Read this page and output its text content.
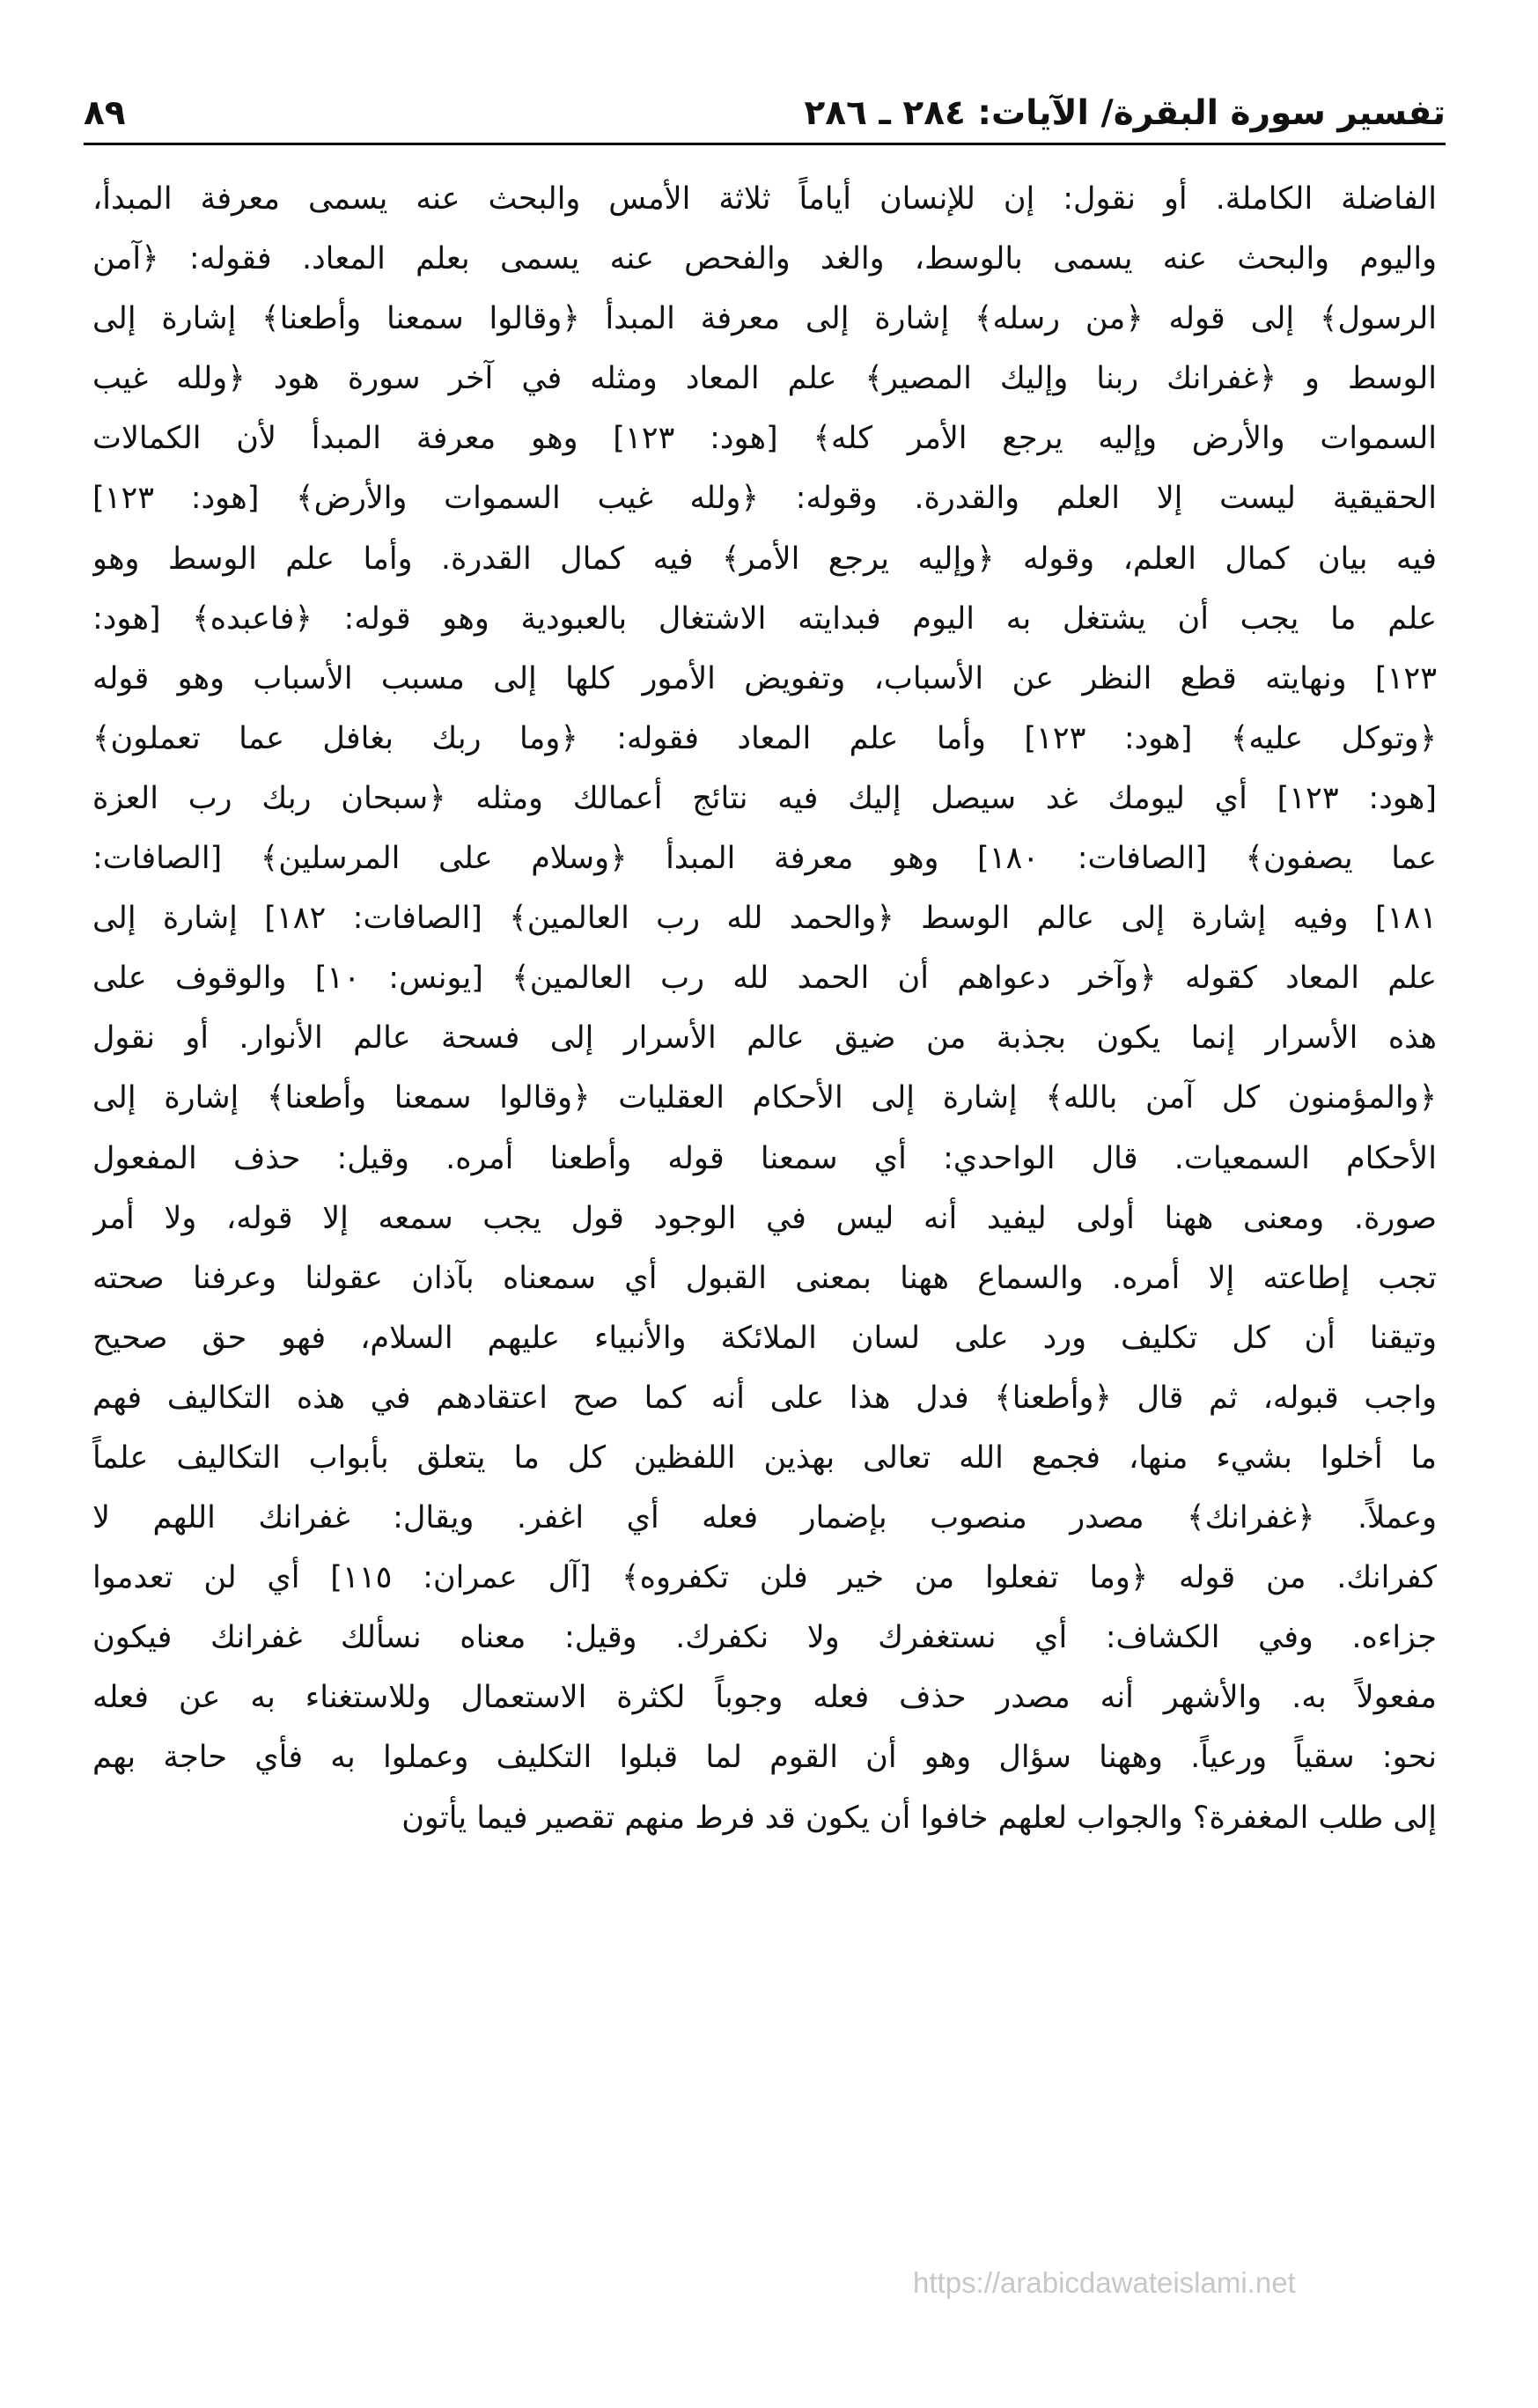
تفسير سورة البقرة/ الآيات: ٢٨٤ ـ ٢٨٦
٨٩
الفاضلة الكاملة. أو نقول: إن للإنسان أياماً ثلاثة الأمس والبحث عنه يسمى معرفة المبدأ،
واليوم والبحث عنه يسمى بالوسط، والغد والفحص عنه يسمى بعلم المعاد. فقوله: ﴿آمن
الرسول﴾ إلى قوله ﴿من رسله﴾ إشارة إلى معرفة المبدأ ﴿وقالوا سمعنا وأطعنا﴾ إشارة إلى
الوسط و ﴿غفرانك ربنا وإليك المصير﴾ علم المعاد ومثله في آخر سورة هود ﴿ولله غيب
السموات والأرض وإليه يرجع الأمر كله﴾ [هود: ١٢٣] وهو معرفة المبدأ لأن الكمالات
الحقيقية ليست إلا العلم والقدرة. وقوله: ﴿ولله غيب السموات والأرض﴾ [هود: ١٢٣]
فيه بيان كمال العلم، وقوله ﴿وإليه يرجع الأمر﴾ فيه كمال القدرة. وأما علم الوسط وهو
علم ما يجب أن يشتغل به اليوم فبدايته الاشتغال بالعبودية وهو قوله: ﴿فاعبده﴾ [هود:
١٢٣] ونهايته قطع النظر عن الأسباب، وتفويض الأمور كلها إلى مسبب الأسباب وهو قوله
﴿وتوكل عليه﴾ [هود: ١٢٣] وأما علم المعاد فقوله: ﴿وما ربك بغافل عما تعملون﴾
[هود: ١٢٣] أي ليومك غد سيصل إليك فيه نتائج أعمالك ومثله ﴿سبحان ربك رب العزة
عما يصفون﴾ [الصافات: ١٨٠] وهو معرفة المبدأ ﴿وسلام على المرسلين﴾ [الصافات:
١٨١] وفيه إشارة إلى عالم الوسط ﴿والحمد لله رب العالمين﴾ [الصافات: ١٨٢] إشارة إلى
علم المعاد كقوله ﴿وآخر دعواهم أن الحمد لله رب العالمين﴾ [يونس: ١٠] والوقوف على
هذه الأسرار إنما يكون بجذبة من ضيق عالم الأسرار إلى فسحة عالم الأنوار. أو نقول
﴿والمؤمنون كل آمن بالله﴾ إشارة إلى الأحكام العقليات ﴿وقالوا سمعنا وأطعنا﴾ إشارة إلى
الأحكام السمعيات. قال الواحدي: أي سمعنا قوله وأطعنا أمره. وقيل: حذف المفعول
صورة. ومعنى ههنا أولى ليفيد أنه ليس في الوجود قول يجب سمعه إلا قوله، ولا أمر
تجب إطاعته إلا أمره. والسماع ههنا بمعنى القبول أي سمعناه بآذان عقولنا وعرفنا صحته
وتيقنا أن كل تكليف ورد على لسان الملائكة والأنبياء عليهم السلام، فهو حق صحيح
واجب قبوله، ثم قال ﴿وأطعنا﴾ فدل هذا على أنه كما صح اعتقادهم في هذه التكاليف فهم
ما أخلوا بشيء منها، فجمع الله تعالى بهذين اللفظين كل ما يتعلق بأبواب التكاليف علماً
وعملاً. ﴿غفرانك﴾ مصدر منصوب بإضمار فعله أي اغفر. ويقال: غفرانك اللهم لا
كفرانك. من قوله ﴿وما تفعلوا من خير فلن تكفروه﴾ [آل عمران: ١١٥] أي لن تعدموا
جزاءه. وفي الكشاف: أي نستغفرك ولا نكفرك. وقيل: معناه نسألك غفرانك فيكون
مفعولاً به. والأشهر أنه مصدر حذف فعله وجوباً لكثرة الاستعمال وللاستغناء به عن فعله
نحو: سقياً ورعياً. وههنا سؤال وهو أن القوم لما قبلوا التكليف وعملوا به فأي حاجة بهم
إلى طلب المغفرة؟ والجواب لعلهم خافوا أن يكون قد فرط منهم تقصير فيما يأتون
https://arabicdawateislami.net
